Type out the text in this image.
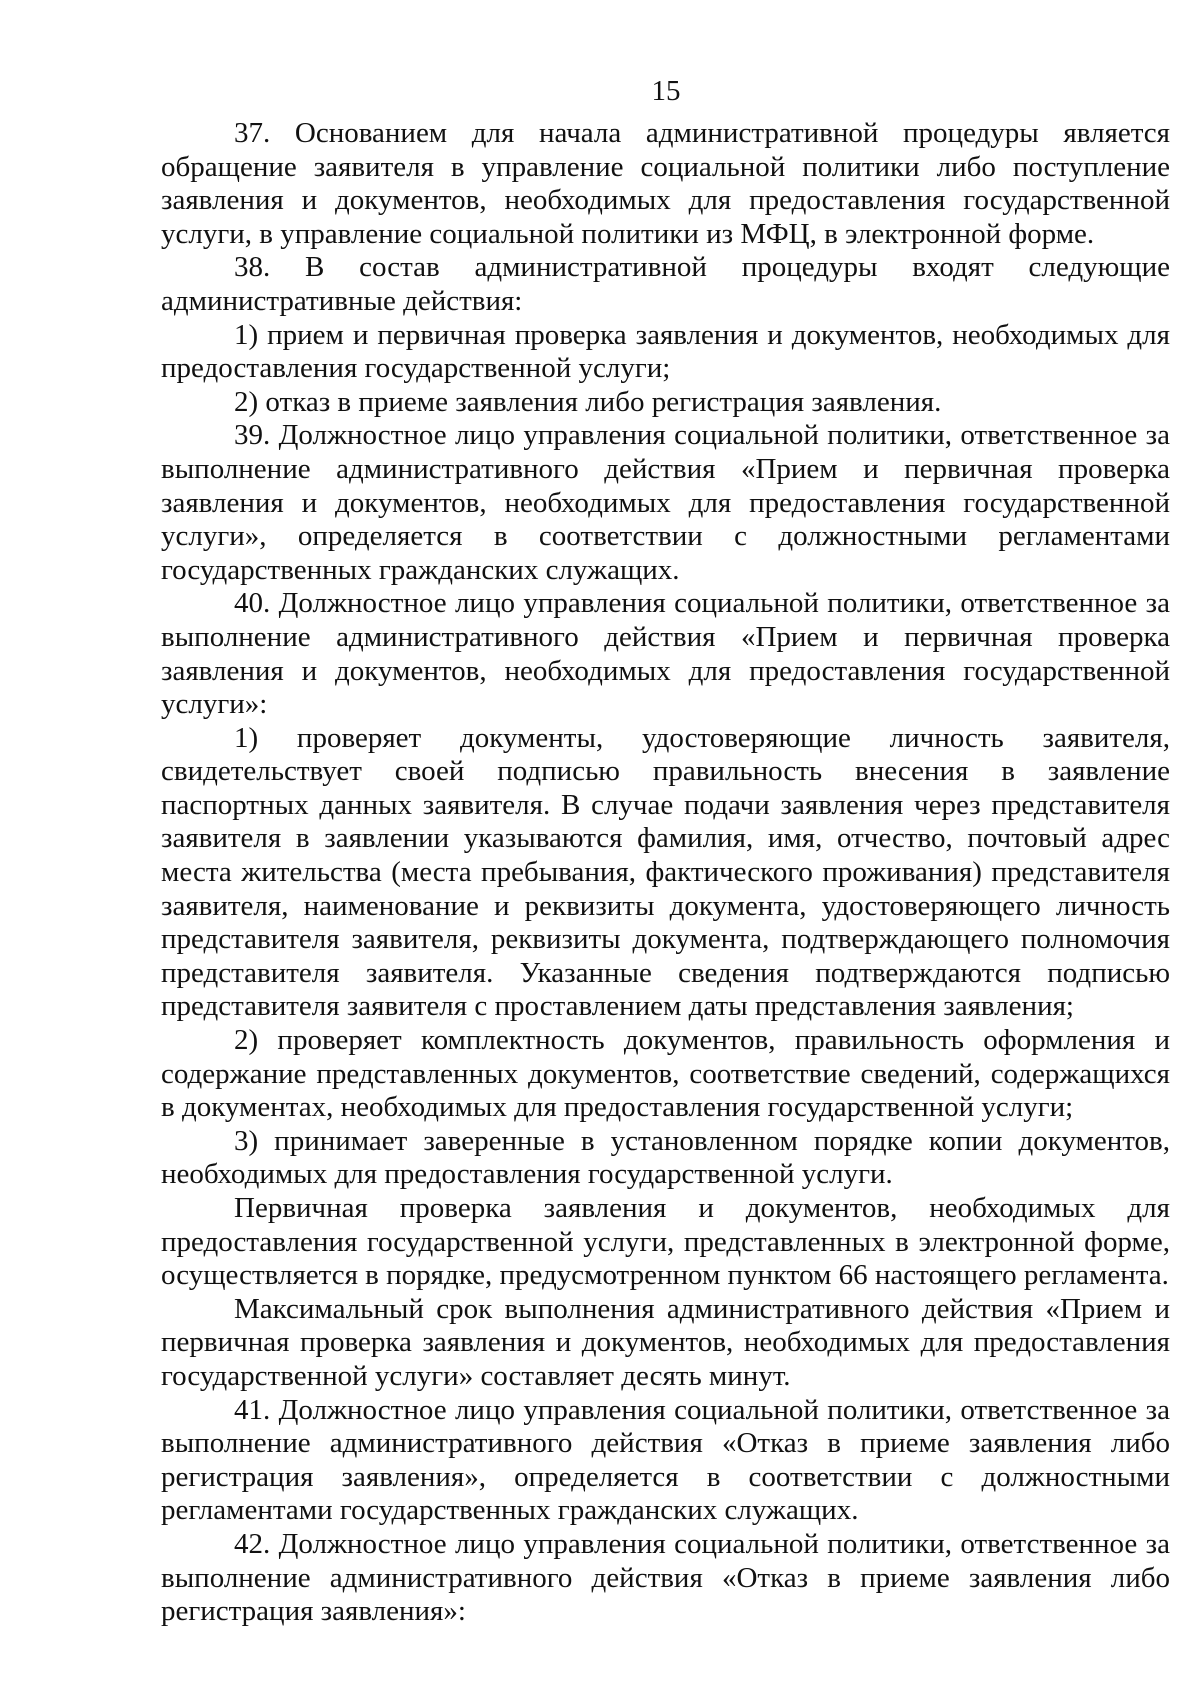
15

37. Основанием для начала административной процедуры является обращение заявителя в управление социальной политики либо поступление заявления и документов, необходимых для предоставления государственной услуги, в управление социальной политики из МФЦ, в электронной форме.

38. В состав административной процедуры входят следующие административные действия:

1) прием и первичная проверка заявления и документов, необходимых для предоставления государственной услуги;

2) отказ в приеме заявления либо регистрация заявления.

39. Должностное лицо управления социальной политики, ответственное за выполнение административного действия «Прием и первичная проверка заявления и документов, необходимых для предоставления государственной услуги», определяется в соответствии с должностными регламентами государственных гражданских служащих.

40. Должностное лицо управления социальной политики, ответственное за выполнение административного действия «Прием и первичная проверка заявления и документов, необходимых для предоставления государственной услуги»:

1) проверяет документы, удостоверяющие личность заявителя, свидетельствует своей подписью правильность внесения в заявление паспортных данных заявителя. В случае подачи заявления через представителя заявителя в заявлении указываются фамилия, имя, отчество, почтовый адрес места жительства (места пребывания, фактического проживания) представителя заявителя, наименование и реквизиты документа, удостоверяющего личность представителя заявителя, реквизиты документа, подтверждающего полномочия представителя заявителя. Указанные сведения подтверждаются подписью представителя заявителя с проставлением даты представления заявления;

2) проверяет комплектность документов, правильность оформления и содержание представленных документов, соответствие сведений, содержащихся в документах, необходимых для предоставления государственной услуги;

3) принимает заверенные в установленном порядке копии документов, необходимых для предоставления государственной услуги.

Первичная проверка заявления и документов, необходимых для предоставления государственной услуги, представленных в электронной форме, осуществляется в порядке, предусмотренном пунктом 66 настоящего регламента.

Максимальный срок выполнения административного действия «Прием и первичная проверка заявления и документов, необходимых для предоставления государственной услуги» составляет десять минут.

41. Должностное лицо управления социальной политики, ответственное за выполнение административного действия «Отказ в приеме заявления либо регистрация заявления», определяется в соответствии с должностными регламентами государственных гражданских служащих.

42. Должностное лицо управления социальной политики, ответственное за выполнение административного действия «Отказ в приеме заявления либо регистрация заявления»:
